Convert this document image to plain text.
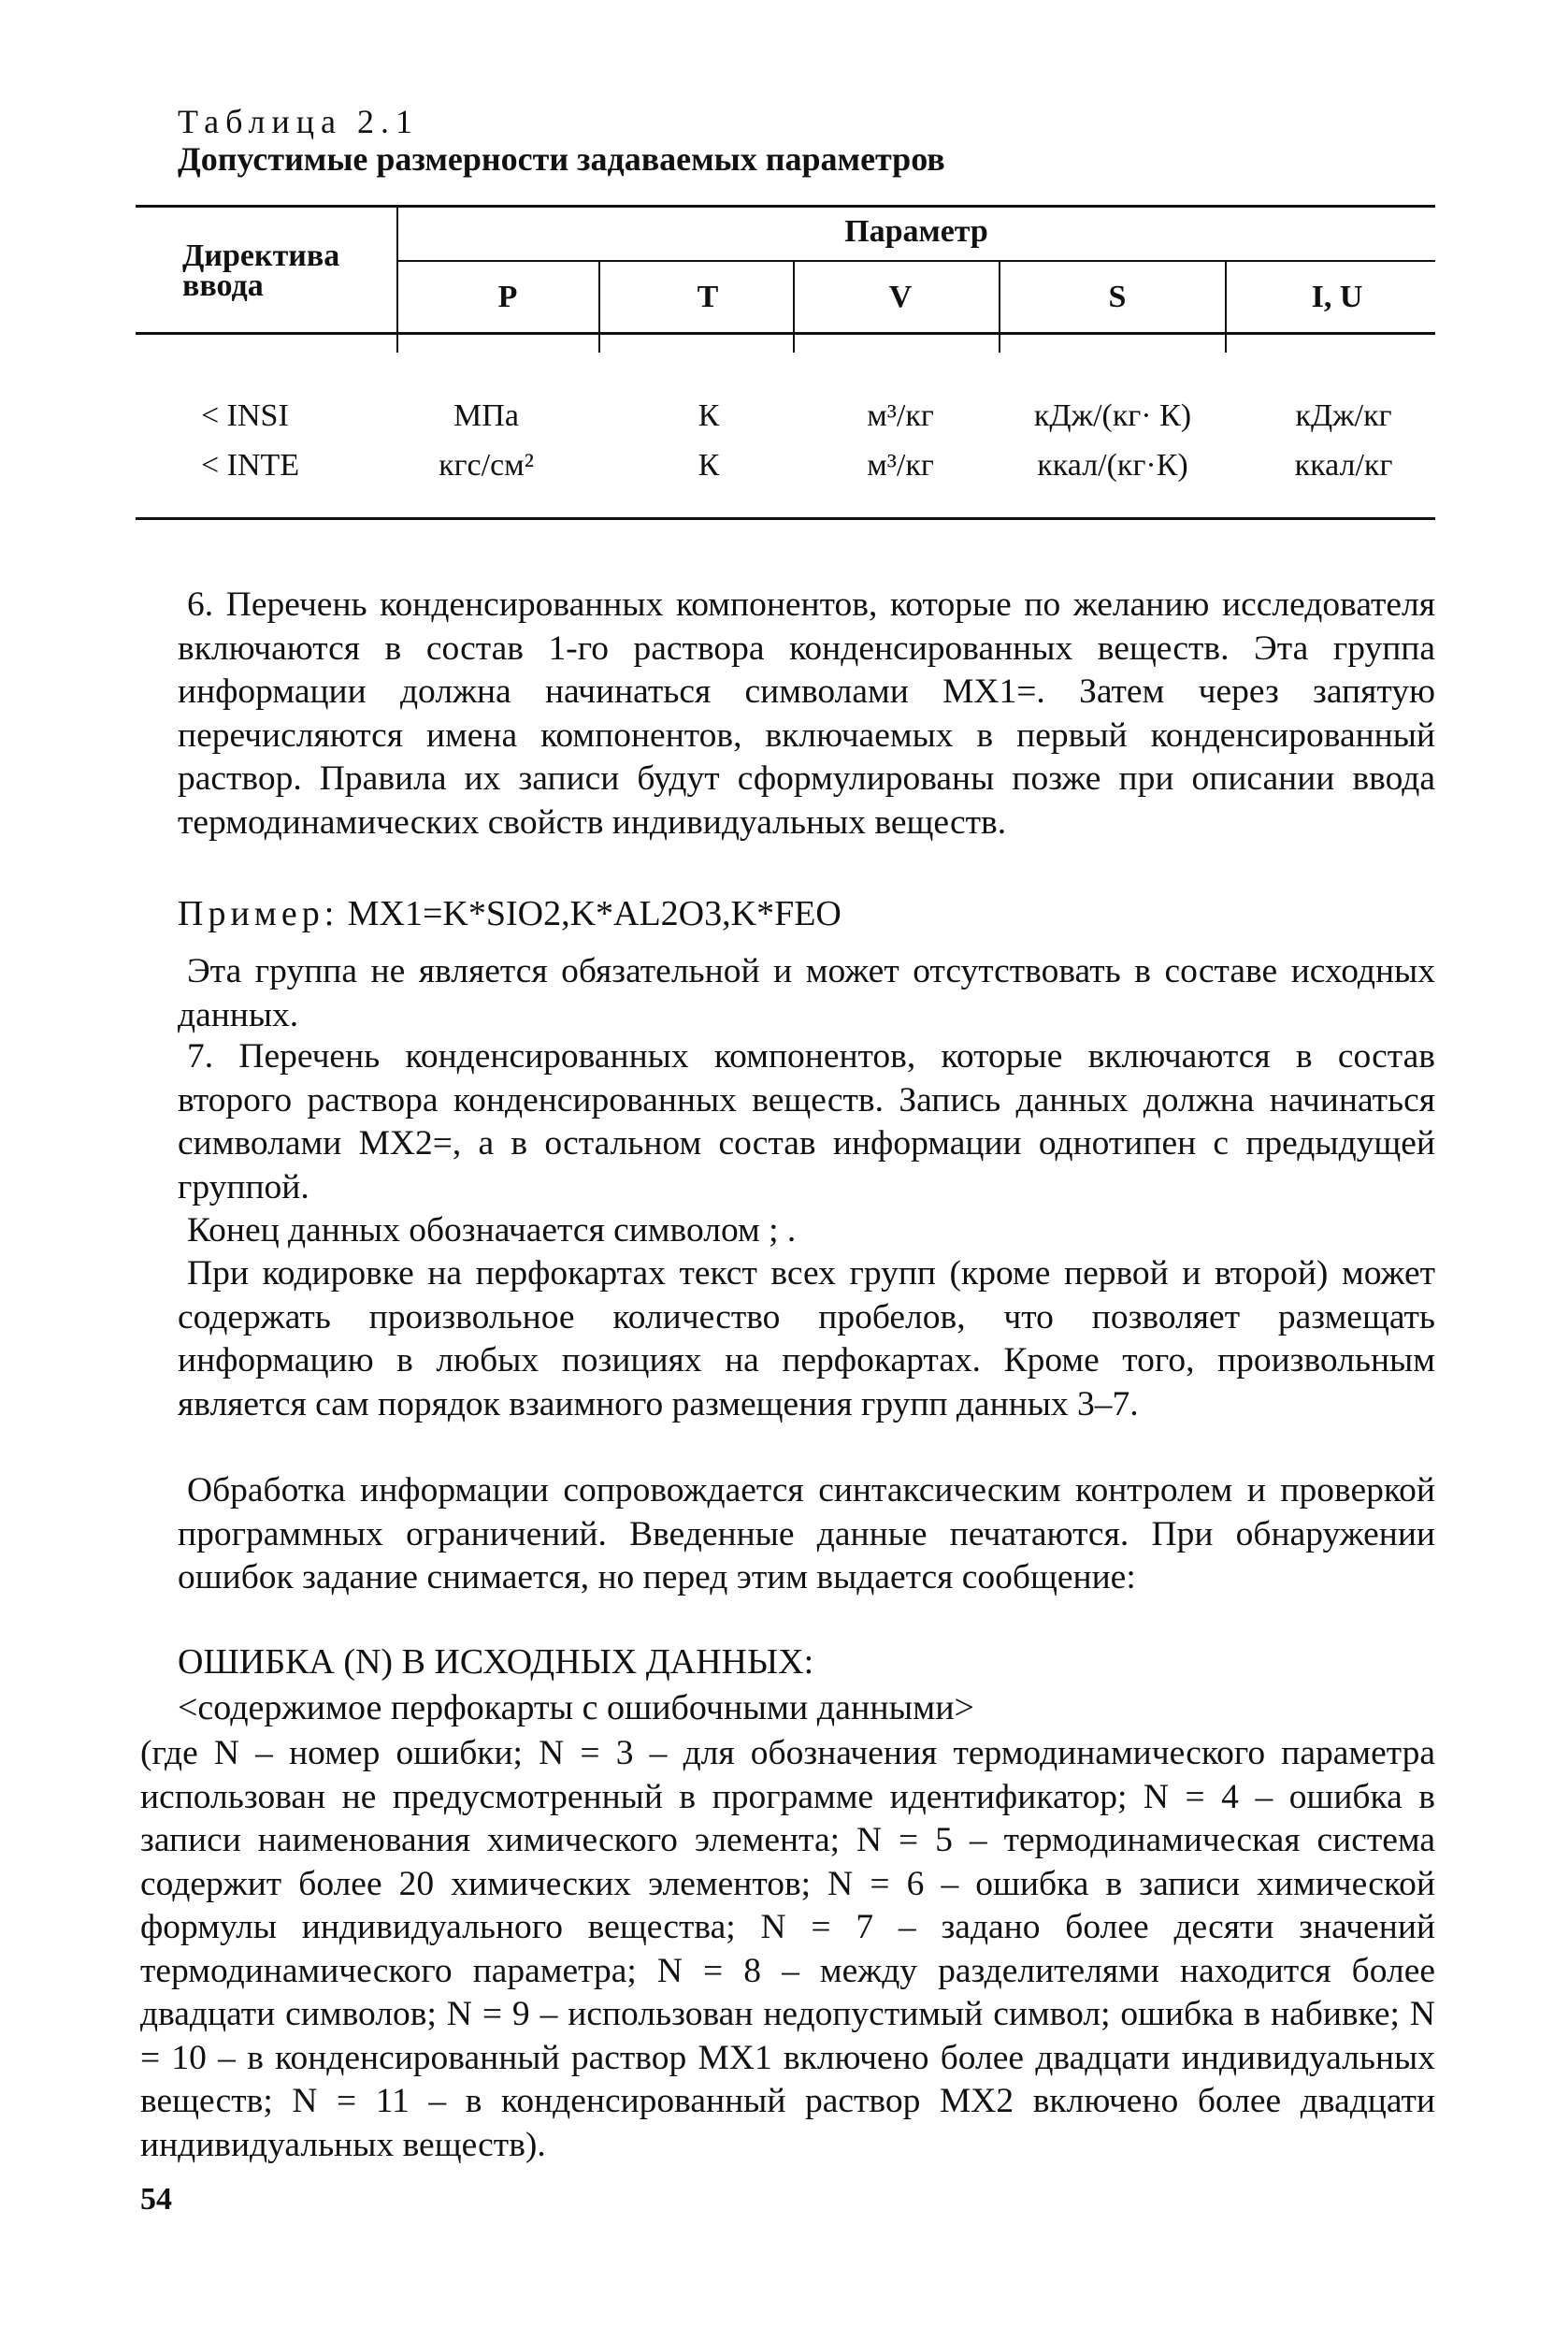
Таблица 2.1
Допустимые размерности задаваемых параметров
Директива
ввода
Параметр
P	T	V	S	I, U
< INSI	МПа	К	м³/кг	кДж/(кг· К)	кДж/кг
< INTE	кгс/см²	К	м³/кг	ккал/(кг·К)	ккал/кг

6. Перечень конденсированных компонентов, которые по желанию исследователя включаются в состав 1-го раствора конденсированных веществ. Эта группа информации должна начинаться символами MX1=. Затем через запятую перечисляются имена компонентов, включаемых в первый конденсированный раствор. Правила их записи будут сформулированы позже при описании ввода термодинамических свойств индивидуальных веществ.

Пример: MX1=K*SIO2,K*AL2O3,K*FEO

Эта группа не является обязательной и может отсутствовать в составе исходных данных.

7. Перечень конденсированных компонентов, которые включаются в состав второго раствора конденсированных веществ. Запись данных должна начинаться символами MX2=, а в остальном состав информации однотипен с предыдущей группой.

Конец данных обозначается символом ; .

При кодировке на перфокартах текст всех групп (кроме первой и второй) может содержать произвольное количество пробелов, что позволяет размещать информацию в любых позициях на перфокартах. Кроме того, произвольным является сам порядок взаимного размещения групп данных 3–7.

Обработка информации сопровождается синтаксическим контролем и проверкой программных ограничений. Введенные данные печатаются. При обнаружении ошибок задание снимается, но перед этим выдается сообщение:

ОШИБКА (N) В ИСХОДНЫХ ДАННЫХ:

<содержимое перфокарты с ошибочными данными>

(где N – номер ошибки; N = 3 – для обозначения термодинамического параметра использован не предусмотренный в программе идентификатор; N = 4 – ошибка в записи наименования химического элемента; N = 5 – термодинамическая система содержит более 20 химических элементов; N = 6 – ошибка в записи химической формулы индивидуального вещества; N = 7 – задано более десяти значений термодинамического параметра; N = 8 – между разделителями находится более двадцати символов; N = 9 – использован недопустимый символ; ошибка в набивке; N = 10 – в конденсированный раствор MX1 включено более двадцати индивидуальных веществ; N = 11 – в конденсированный раствор MX2 включено более двадцати индивидуальных веществ).

54
